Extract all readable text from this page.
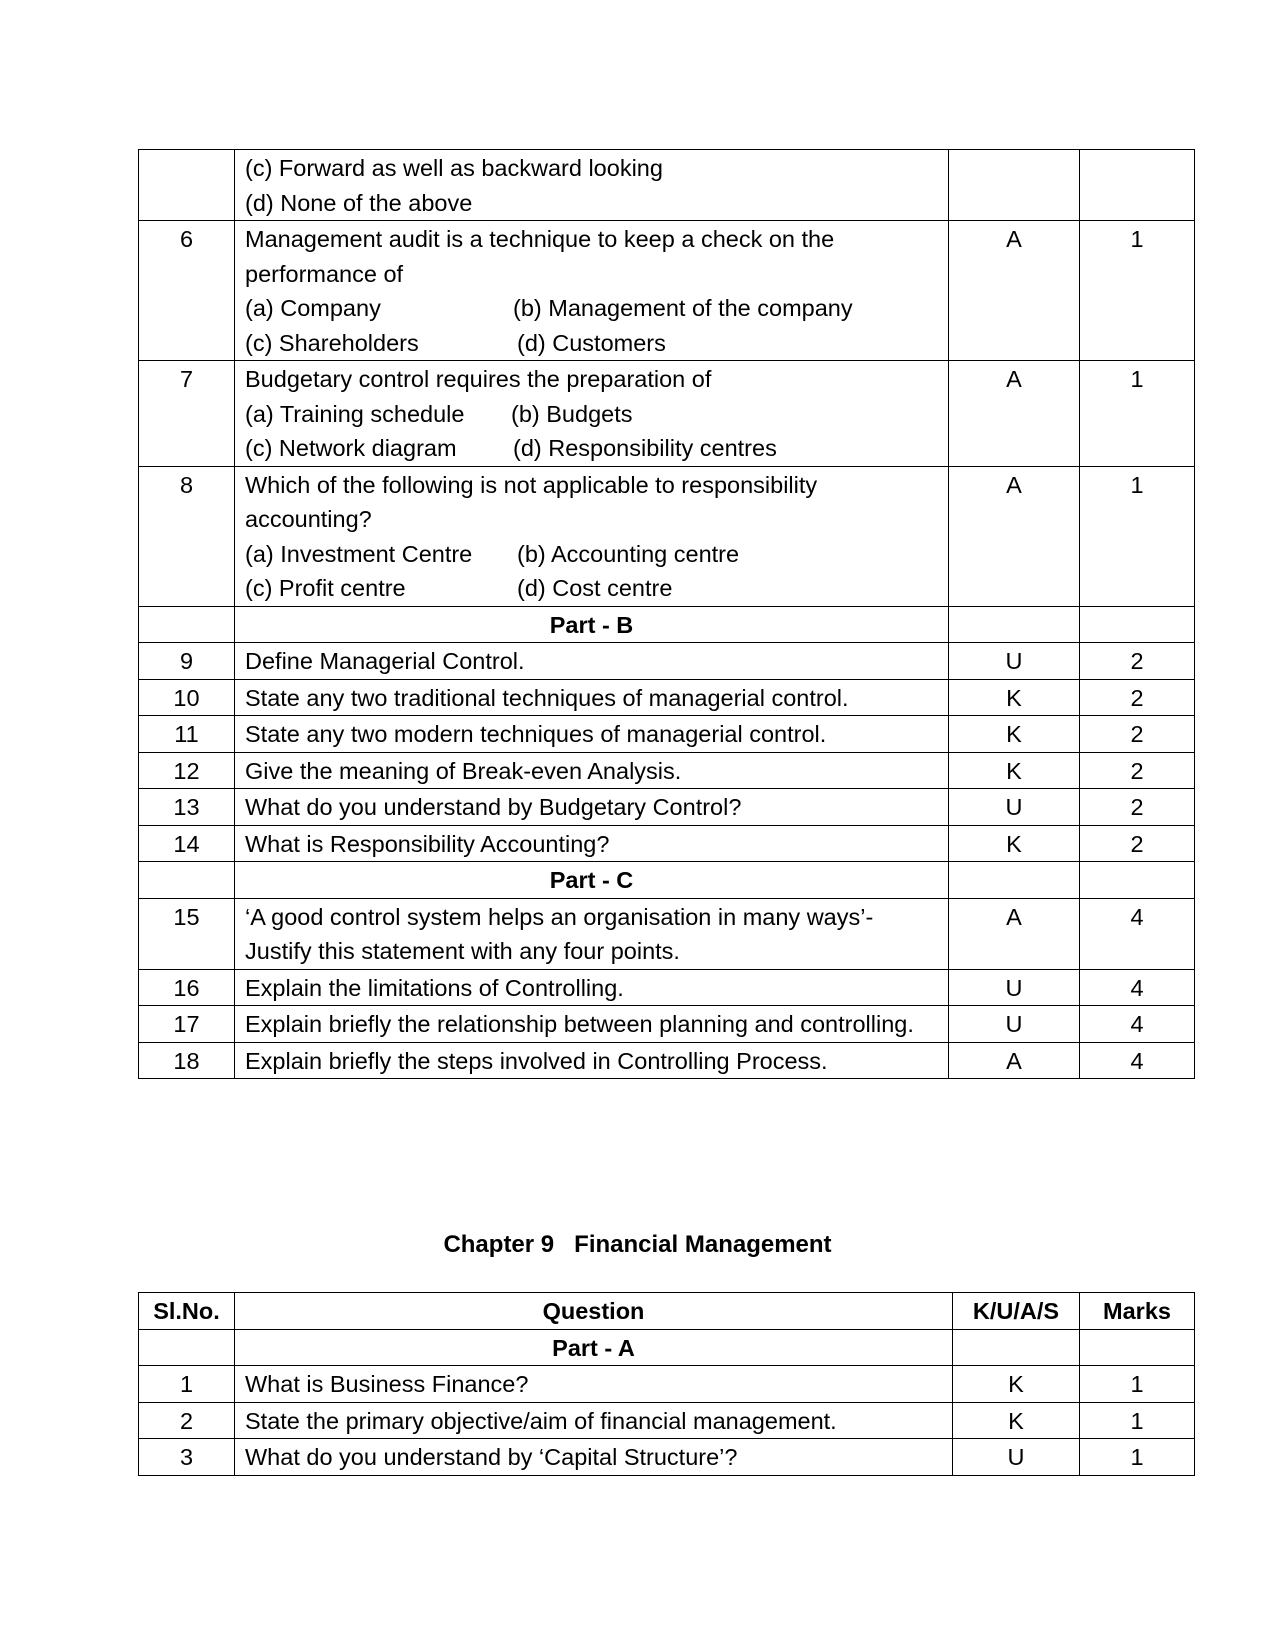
	(c) Forward as well as backward looking
(d) None of the above		

6	Management audit is a technique to keep a check on the performance of
(a) Company (b) Management of the company
(c) Shareholders (d) Customers	A	1
7	Budgetary control requires the preparation of
(a) Training schedule (b) Budgets
(c) Network diagram (d) Responsibility centres	A	1
8	Which of the following is not applicable to responsibility accounting?
(a) Investment Centre (b) Accounting centre
(c) Profit centre (d) Cost centre	A	1
	Part - B		
9	Define Managerial Control.	U	2
10	State any two traditional techniques of managerial control.	K	2
11	State any two modern techniques of managerial control.	K	2
12	Give the meaning of Break-even Analysis.	K	2
13	What do you understand by Budgetary Control?	U	2
14	What is Responsibility Accounting?	K	2
	Part - C		
15	‘A good control system helps an organisation in many ways’-Justify this statement with any four points.	A	4
16	Explain the limitations of Controlling.	U	4
17	Explain briefly the relationship between planning and controlling.	U	4
18	Explain briefly the steps involved in Controlling Process.	A	4
Chapter 9 Financial Management
Sl.No.	Question	K/U/A/S	Marks
	Part - A		
1	What is Business Finance?	K	1
2	State the primary objective/aim of financial management.	K	1
3	What do you understand by ‘Capital Structure’?	U	1
